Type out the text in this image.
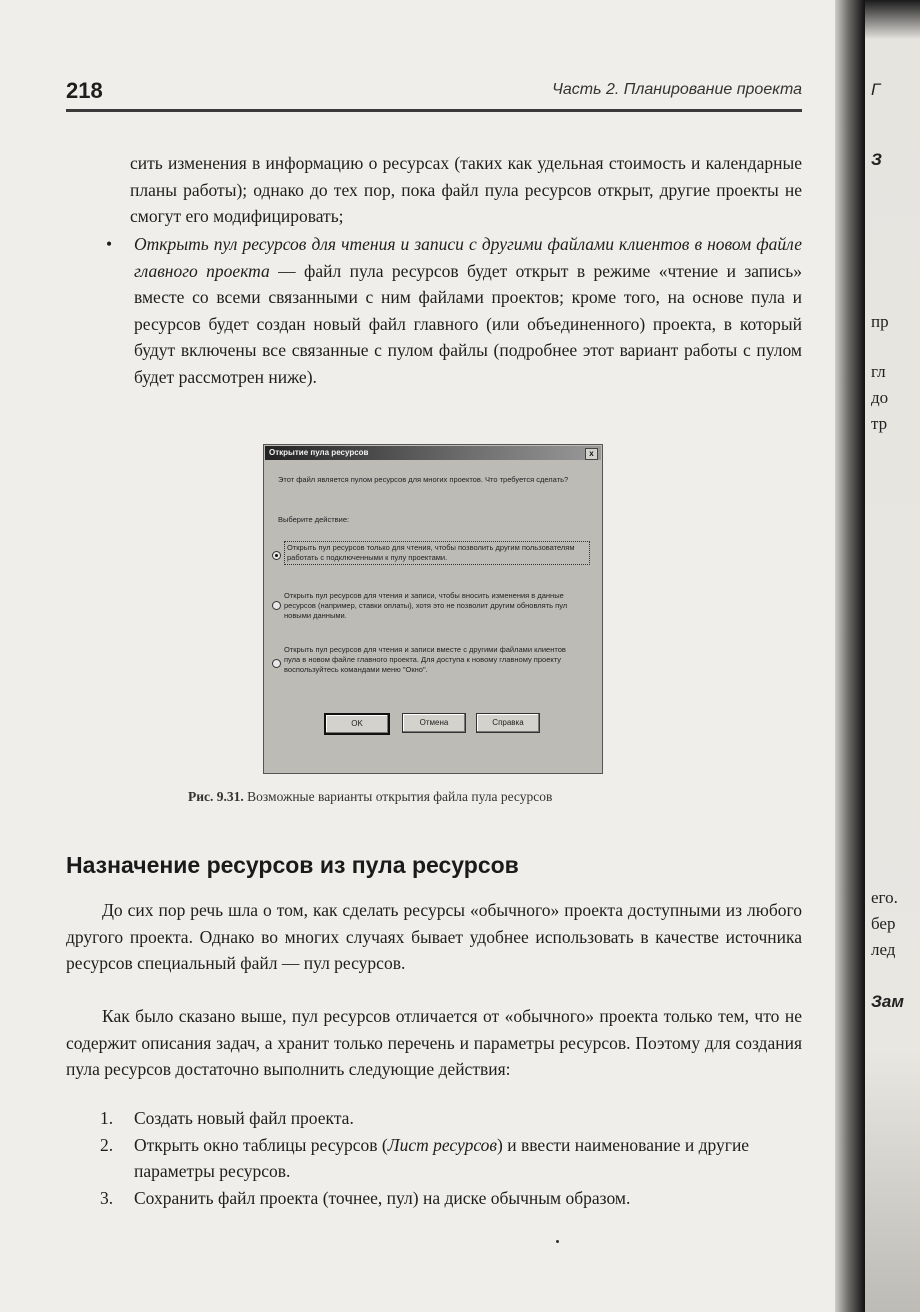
218	Часть 2. Планирование проекта
сить изменения в информацию о ресурсах (таких как удельная стоимость и календарные планы работы); однако до тех пор, пока файл пула ресурсов открыт, другие проекты не смогут его модифицировать;
•	Открыть пул ресурсов для чтения и записи с другими файлами клиентов в новом файле главного проекта — файл пула ресурсов будет открыт в режиме «чтение и запись» вместе со всеми связанными с ним файлами проектов; кроме того, на основе пула и ресурсов будет создан новый файл главного (или объединенного) проекта, в который будут включены все связанные с пулом файлы (подробнее этот вариант работы с пулом будет рассмотрен ниже).
Открытие пула ресурсов	x
Этот файл является пулом ресурсов для многих проектов. Что требуется сделать?
Выберите действие:
Открыть пул ресурсов только для чтения, чтобы позволить другим пользователям работать с подключенными к пулу проектами.
Открыть пул ресурсов для чтения и записи, чтобы вносить изменения в данные ресурсов (например, ставки оплаты), хотя это не позволит другим обновлять пул новыми данными.
Открыть пул ресурсов для чтения и записи вместе с другими файлами клиентов пула в новом файле главного проекта. Для доступа к новому главному проекту воспользуйтесь командами меню "Окно".
OK	Отмена	Справка
Рис. 9.31. Возможные варианты открытия файла пула ресурсов
Назначение ресурсов из пула ресурсов
До сих пор речь шла о том, как сделать ресурсы «обычного» проекта доступными из любого другого проекта. Однако во многих случаях бывает удобнее использовать в качестве источника ресурсов специальный файл — пул ресурсов.
Как было сказано выше, пул ресурсов отличается от «обычного» проекта только тем, что не содержит описания задач, а хранит только перечень и параметры ресурсов. Поэтому для создания пула ресурсов достаточно выполнить следующие действия:
1. Создать новый файл проекта.
2. Открыть окно таблицы ресурсов (Лист ресурсов) и ввести наименование и другие параметры ресурсов.
3. Сохранить файл проекта (точнее, пул) на диске обычным образом.
Г
З
пр
гл
до
тр
его.
бер
лед
Зам
